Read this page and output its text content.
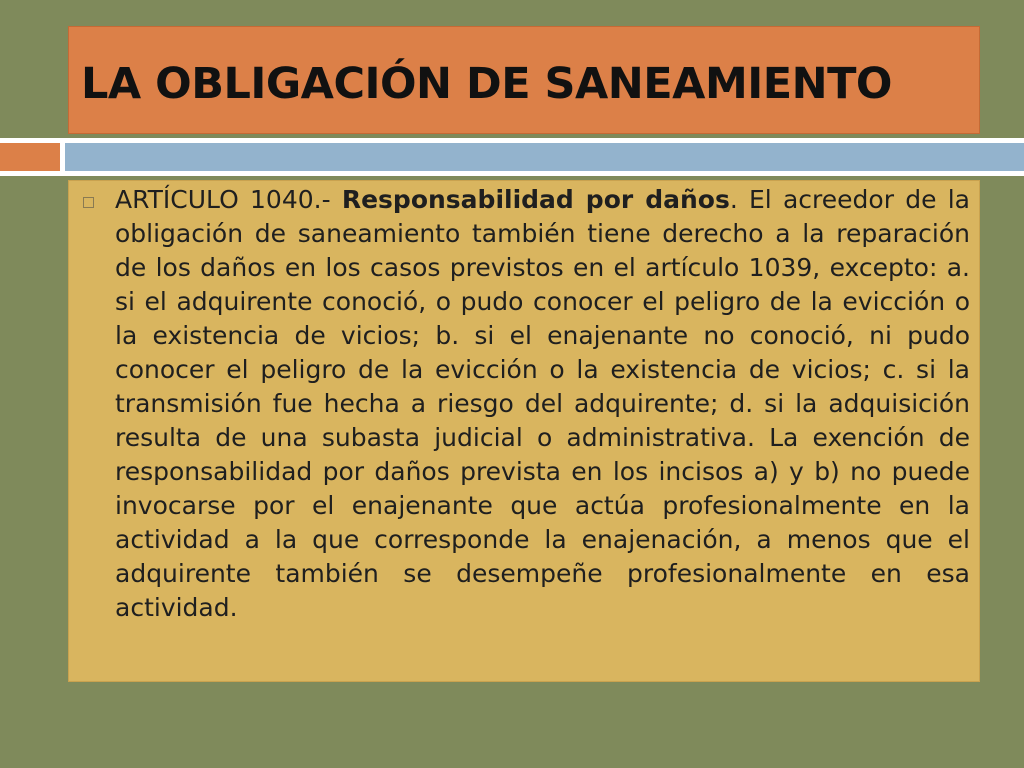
LA OBLIGACIÓN DE SANEAMIENTO
ARTÍCULO 1040.- Responsabilidad por daños. El acreedor de la obligación de saneamiento también tiene derecho a la reparación de los daños en los casos previstos en el artículo 1039, excepto: a. si el adquirente conoció, o pudo conocer el peligro de la evicción o la existencia de vicios; b. si el enajenante no conoció, ni pudo conocer el peligro de la evicción o la existencia de vicios; c. si la transmisión fue hecha a riesgo del adquirente; d. si la adquisición resulta de una subasta judicial o administrativa. La exención de responsabilidad por daños prevista en los incisos a) y b) no puede invocarse por el enajenante que actúa profesionalmente en la actividad a la que corresponde la enajenación, a menos que el adquirente también se desempeñe profesionalmente en esa actividad.
